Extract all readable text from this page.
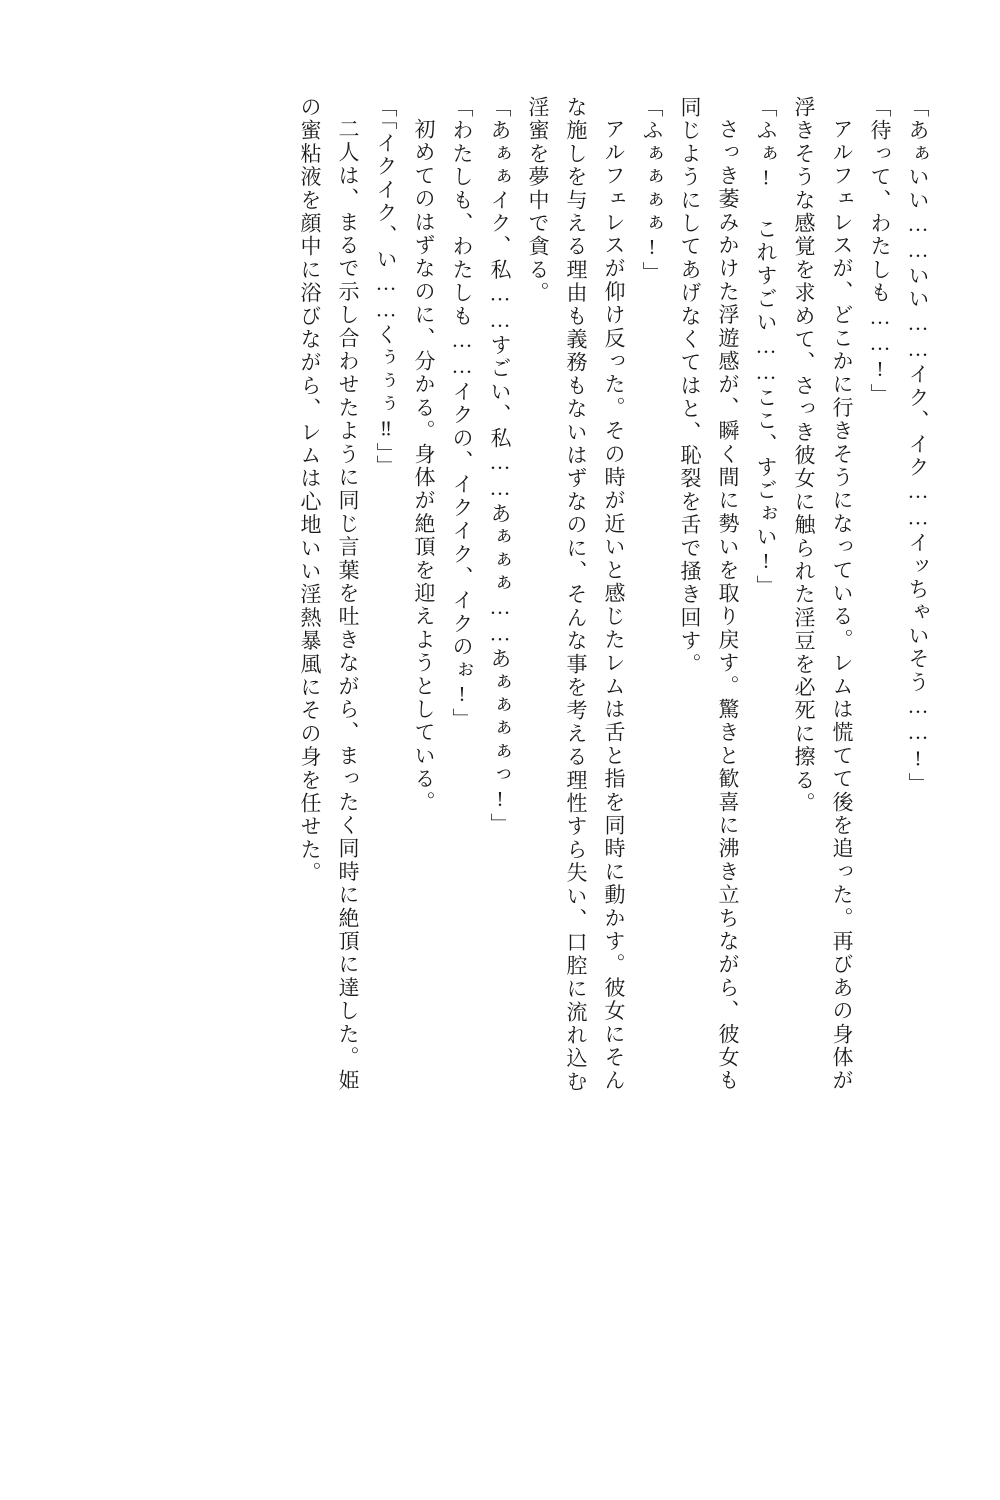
「あぁいい……いい……イク、イク……イッちゃいそう……!」
「待って、わたしも……!」
アルフェレスが、どこかに行きそうになっている。レムは慌てて後を追った。再びあの身体が
浮きそうな感覚を求めて、さっき彼女に触られた淫豆を必死に擦る。
「ふぁ! これすごい……ここ、すごぉい!」
さっき萎みかけた浮遊感が、瞬く間に勢いを取り戻す。驚きと歓喜に沸き立ちながら、彼女も
同じようにしてあげなくてはと、恥裂を舌で掻き回す。
「ふぁぁぁぁ!」
アルフェレスが仰け反った。その時が近いと感じたレムは舌と指を同時に動かす。彼女にそん
な施しを与える理由も義務もないはずなのに、そんな事を考える理性すら失い、口腔に流れ込む
淫蜜を夢中で貪る。
「あぁぁイク、私……すごい、私……あぁぁぁ……あぁぁぁぁっ!」
「わたしも、わたしも……イクの、イクイク、イクのぉ!」
初めてのはずなのに、分かる。身体が絶頂を迎えようとしている。
「「イクイク、い……くぅぅぅ‼」」
二人は、まるで示し合わせたように同じ言葉を吐きながら、まったく同時に絶頂に達した。姫
の蜜粘液を顔中に浴びながら、レムは心地いい淫熱暴風にその身を任せた。
